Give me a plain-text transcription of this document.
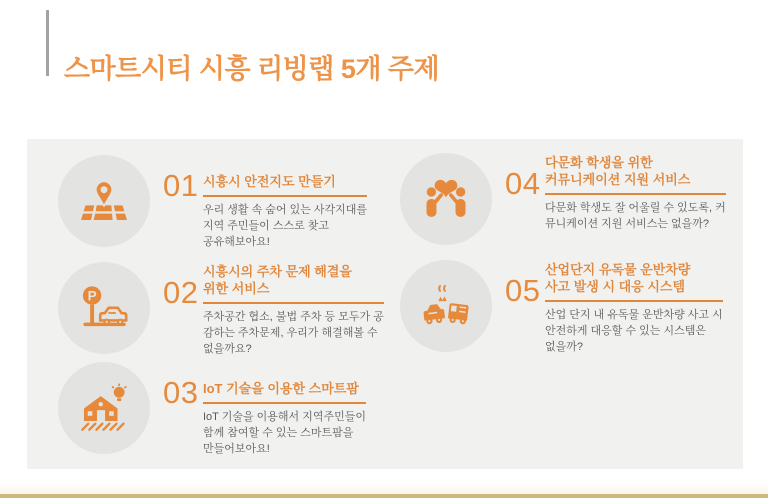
스마트시티 시흥 리빙랩 5개 주제
01 시흥시 안전지도 만들기
우리 생활 속 숨어 있는 사각지대를
지역 주민들이 스스로 찾고
공유해보아요!
P 02
시흥시의 주차 문제 해결을
위한 서비스
주차공간 협소, 불법 주차 등 모두가 공
감하는 주차문제, 우리가 해결해볼 수
없을까요?
03 IoT 기술을 이용한 스마트팜
IoT 기술을 이용해서 지역주민들이
함께 참여할 수 있는 스마트팜을
만들어보아요!
04
다문화 학생을 위한
커뮤니케이션 지원 서비스
다문화 학생도 잘 어울릴 수 있도록, 커
뮤니케이션 지원 서비스는 없을까?
05
산업단지 유독물 운반차량
사고 발생 시 대응 시스템
산업 단지 내 유독물 운반차량 사고 시
안전하게 대응할 수 있는 시스템은
없을까?
